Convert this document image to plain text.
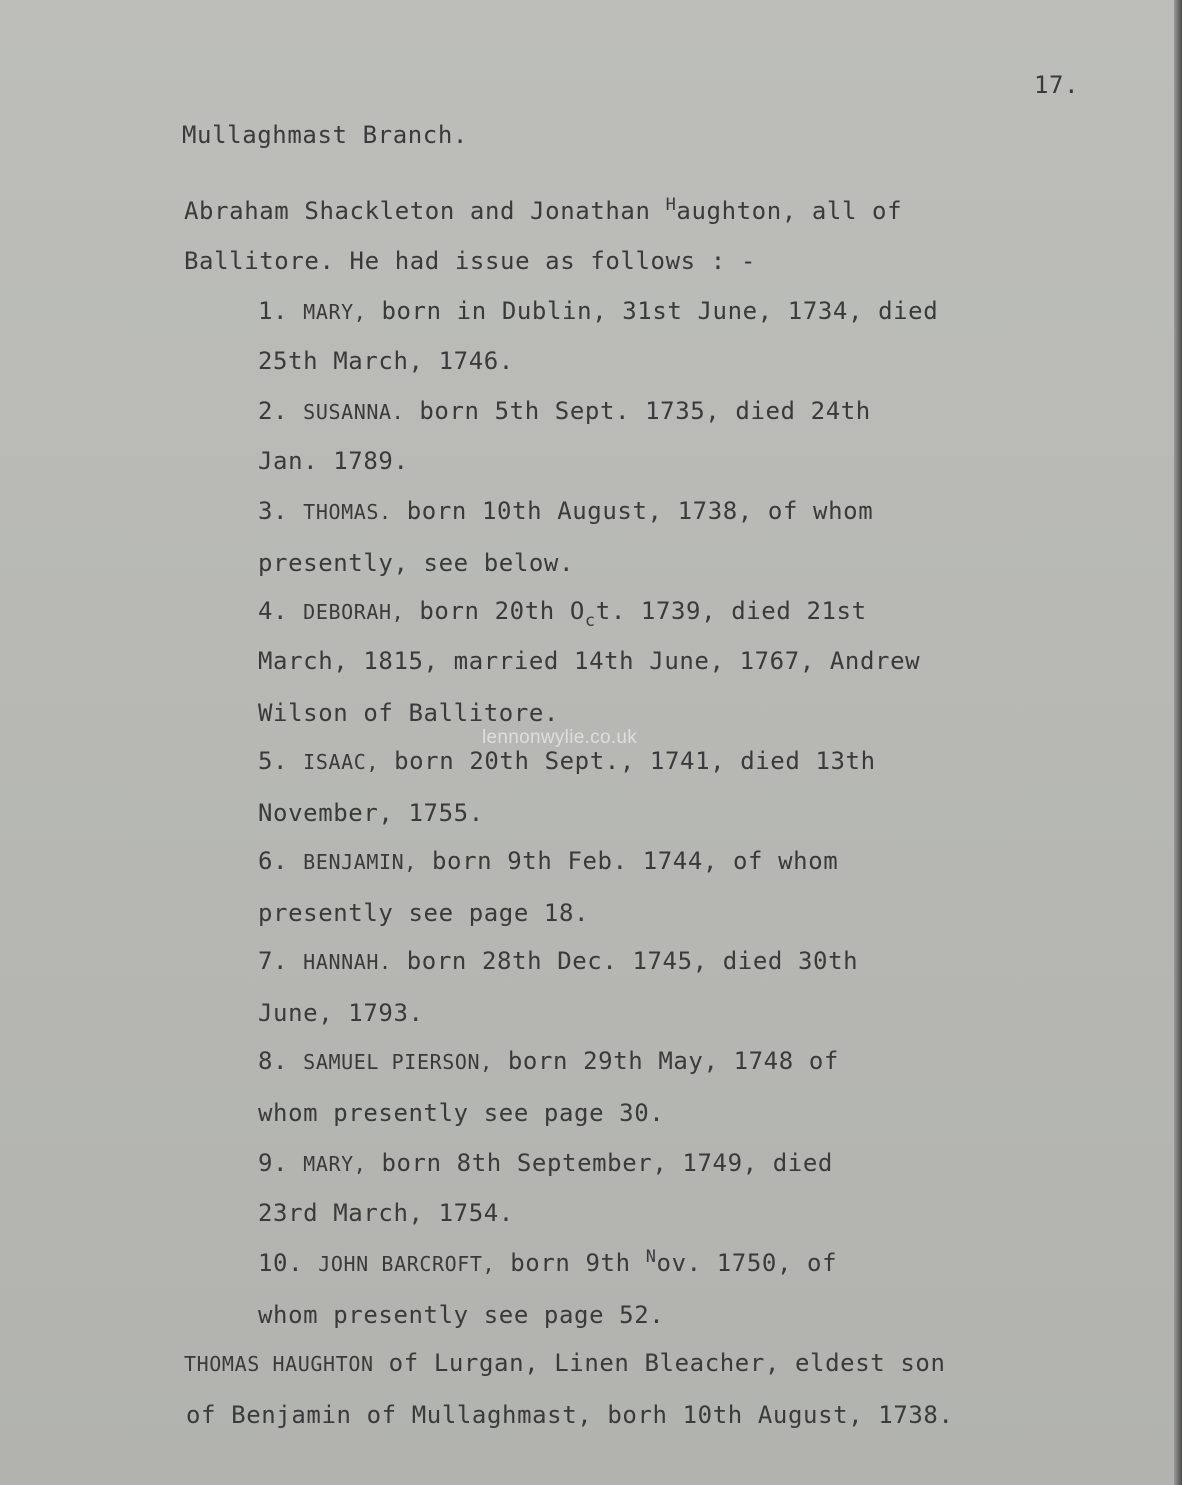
17.
Mullaghmast Branch.
Abraham Shackleton and Jonathan $^H$aughton, all of
Ballitore. He had issue as follows : -
1. MARY, born in Dublin, 31st June, 1734, died
25th March, 1746.
2. SUSANNA. born 5th Sept. 1735, died 24th
Jan. 1789.
3. THOMAS. born 10th August, 1738, of whom
presently, see below.
4. DEBORAH, born 20th $O_ct$. 1739, died 21st
March, 1815, married 14th June, 1767, Andrew
Wilson of Ballitore.
5. ISAAC, born 20th Sept., 1741, died 13th
November, 1755.
6. BENJAMIN, born 9th Feb. 1744, of whom
presently see page 18.
7. HANNAH. born 28th Dec. 1745, died 30th
June, 1793.
8. SAMUEL PIERSON, born 29th May, 1748 of
whom presently see page 30.
9. MARY, born 8th September, 1749, died
23rd March, 1754.
10. JOHN BARCROFT, born 9th $^N$ov. 1750, of
whom presently see page 52.
THOMAS HAUGHTON of Lurgan, Linen Bleacher, eldest son
of Benjamin of Mullaghmast, borh 10th August, 1738.
lennonwylie.co.uk
